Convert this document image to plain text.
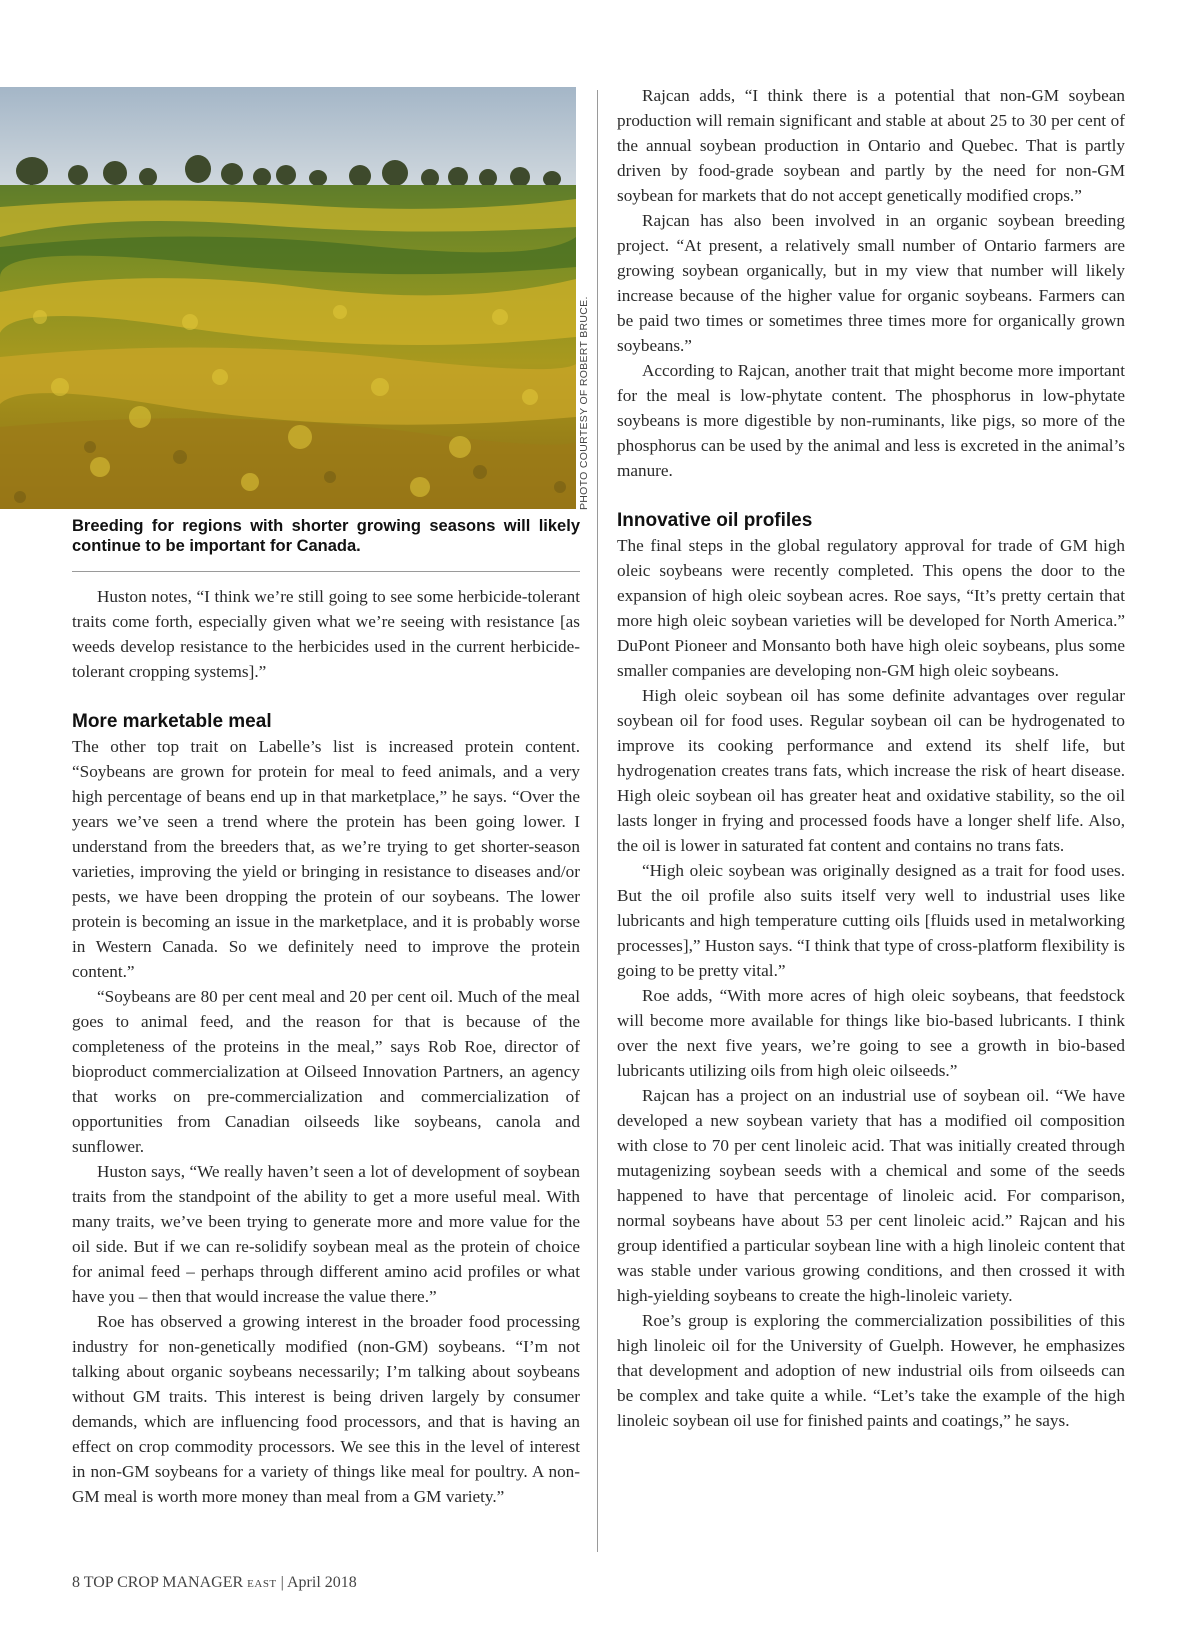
PHOTO COURTESY OF ROBERT BRUCE.
Breeding for regions with shorter growing seasons will likely continue to be important for Canada.

Huston notes, “I think we’re still going to see some herbicide-tolerant traits come forth, especially given what we’re seeing with resistance [as weeds develop resistance to the herbicides used in the current herbicide-tolerant cropping systems].”

More marketable meal

The other top trait on Labelle’s list is increased protein content. “Soybeans are grown for protein for meal to feed animals, and a very high percentage of beans end up in that marketplace,” he says. “Over the years we’ve seen a trend where the protein has been going lower. I understand from the breeders that, as we’re trying to get shorter-season varieties, improving the yield or bringing in resistance to diseases and/or pests, we have been dropping the protein of our soybeans. The lower protein is becoming an issue in the marketplace, and it is probably worse in Western Canada. So we definitely need to improve the protein content.”

“Soybeans are 80 per cent meal and 20 per cent oil. Much of the meal goes to animal feed, and the reason for that is because of the completeness of the proteins in the meal,” says Rob Roe, director of bioproduct commercialization at Oilseed Innovation Partners, an agency that works on pre-commercialization and commercialization of opportunities from Canadian oilseeds like soybeans, canola and sunflower.

Huston says, “We really haven’t seen a lot of development of soybean traits from the standpoint of the ability to get a more useful meal. With many traits, we’ve been trying to generate more and more value for the oil side. But if we can re-solidify soybean meal as the protein of choice for animal feed – perhaps through different amino acid profiles or what have you – then that would increase the value there.”

Roe has observed a growing interest in the broader food processing industry for non-genetically modified (non-GM) soybeans. “I’m not talking about organic soybeans necessarily; I’m talking about soybeans without GM traits. This interest is being driven largely by consumer demands, which are influencing food processors, and that is having an effect on crop commodity processors. We see this in the level of interest in non-GM soybeans for a variety of things like meal for poultry. A non-GM meal is worth more money than meal from a GM variety.”

Rajcan adds, “I think there is a potential that non-GM soybean production will remain significant and stable at about 25 to 30 per cent of the annual soybean production in Ontario and Quebec. That is partly driven by food-grade soybean and partly by the need for non-GM soybean for markets that do not accept genetically modified crops.”

Rajcan has also been involved in an organic soybean breeding project. “At present, a relatively small number of Ontario farmers are growing soybean organically, but in my view that number will likely increase because of the higher value for organic soybeans. Farmers can be paid two times or sometimes three times more for organically grown soybeans.”

According to Rajcan, another trait that might become more important for the meal is low-phytate content. The phosphorus in low-phytate soybeans is more digestible by non-ruminants, like pigs, so more of the phosphorus can be used by the animal and less is excreted in the animal’s manure.

Innovative oil profiles

The final steps in the global regulatory approval for trade of GM high oleic soybeans were recently completed. This opens the door to the expansion of high oleic soybean acres. Roe says, “It’s pretty certain that more high oleic soybean varieties will be developed for North America.” DuPont Pioneer and Monsanto both have high oleic soybeans, plus some smaller companies are developing non-GM high oleic soybeans.

High oleic soybean oil has some definite advantages over regular soybean oil for food uses. Regular soybean oil can be hydrogenated to improve its cooking performance and extend its shelf life, but hydrogenation creates trans fats, which increase the risk of heart disease. High oleic soybean oil has greater heat and oxidative stability, so the oil lasts longer in frying and processed foods have a longer shelf life. Also, the oil is lower in saturated fat content and contains no trans fats.

“High oleic soybean was originally designed as a trait for food uses. But the oil profile also suits itself very well to industrial uses like lubricants and high temperature cutting oils [fluids used in metalworking processes],” Huston says. “I think that type of cross-platform flexibility is going to be pretty vital.”

Roe adds, “With more acres of high oleic soybeans, that feedstock will become more available for things like bio-based lubricants. I think over the next five years, we’re going to see a growth in bio-based lubricants utilizing oils from high oleic oilseeds.”

Rajcan has a project on an industrial use of soybean oil. “We have developed a new soybean variety that has a modified oil composition with close to 70 per cent linoleic acid. That was initially created through mutagenizing soybean seeds with a chemical and some of the seeds happened to have that percentage of linoleic acid. For comparison, normal soybeans have about 53 per cent linoleic acid.” Rajcan and his group identified a particular soybean line with a high linoleic content that was stable under various growing conditions, and then crossed it with high-yielding soybeans to create the high-linoleic variety.

Roe’s group is exploring the commercialization possibilities of this high linoleic oil for the University of Guelph. However, he emphasizes that development and adoption of new industrial oils from oilseeds can be complex and take quite a while. “Let’s take the example of the high linoleic soybean oil use for finished paints and coatings,” he says.

8 TOP CROP MANAGER EAST | April 2018
